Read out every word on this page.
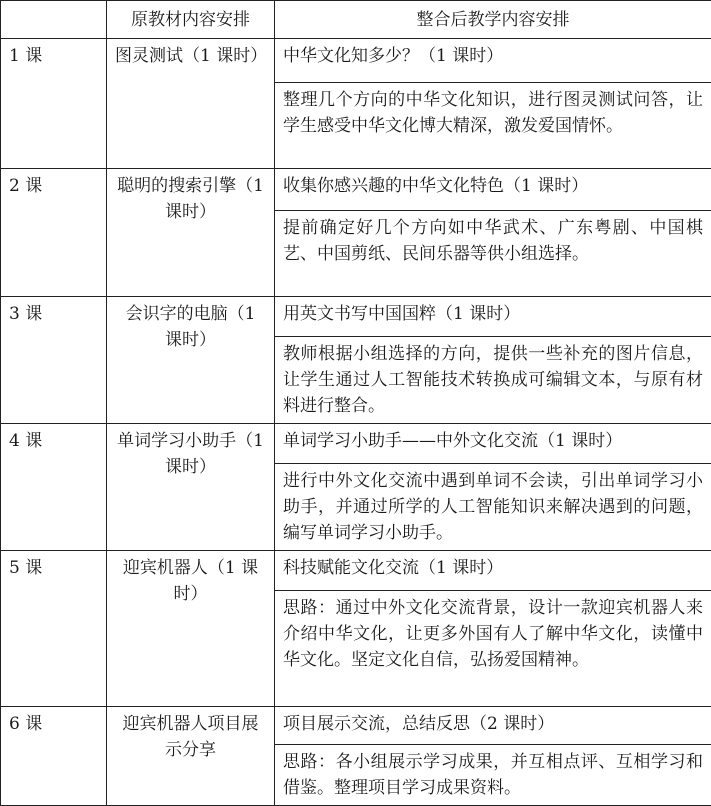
	原教材内容安排	整合后教学内容安排
1 课	图灵测试（1 课时）	中华文化知多少？（1 课时）
		整理几个方向的中华文化知识，进行图灵测试问答，让学生感受中华文化博大精深，激发爱国情怀。
2 课	聪明的搜索引擎（1 课时）	收集你感兴趣的中华文化特色（1 课时）
		提前确定好几个方向如中华武术、广东粤剧、中国棋艺、中国剪纸、民间乐器等供小组选择。
3 课	会识字的电脑（1 课时）	用英文书写中国国粹（1 课时）
		教师根据小组选择的方向，提供一些补充的图片信息，让学生通过人工智能技术转换成可编辑文本，与原有材料进行整合。
4 课	单词学习小助手（1 课时）	单词学习小助手——中外文化交流（1 课时）
		进行中外文化交流中遇到单词不会读，引出单词学习小助手，并通过所学的人工智能知识来解决遇到的问题，编写单词学习小助手。
5 课	迎宾机器人（1 课时）	科技赋能文化交流（1 课时）
		思路：通过中外文化交流背景，设计一款迎宾机器人来介绍中华文化，让更多外国有人了解中华文化，读懂中华文化。坚定文化自信，弘扬爱国精神。
6 课	迎宾机器人项目展示分享	项目展示交流，总结反思（2 课时）
		思路：各小组展示学习成果，并互相点评、互相学习和借鉴。整理项目学习成果资料。
